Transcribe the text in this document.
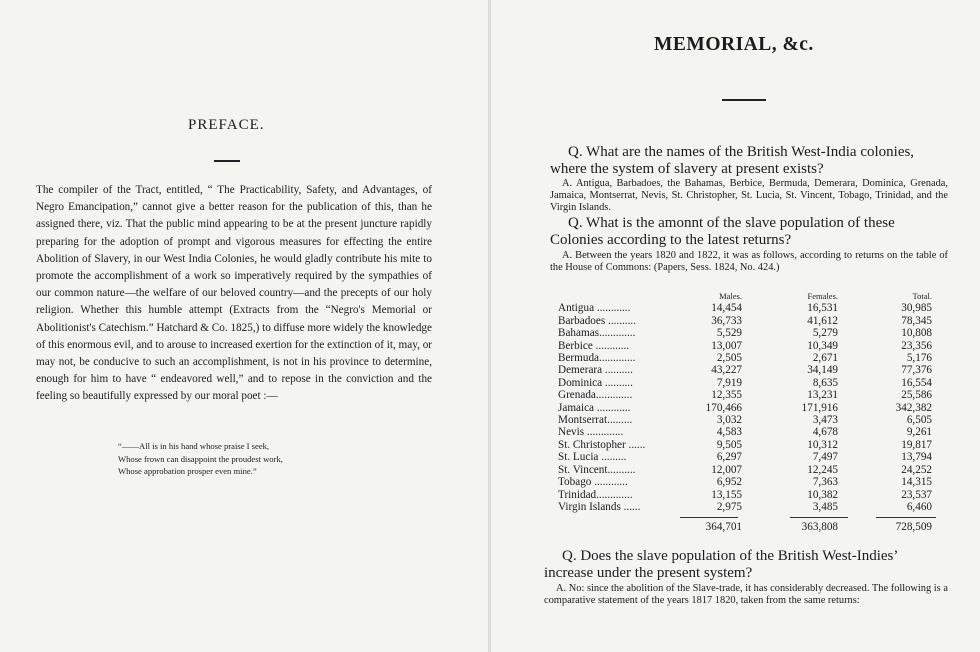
PREFACE.
The compiler of the Tract, entitled, “ The Practicability, Safety, and Advantages, of Negro Emancipation,” cannot give a better reason for the publication of this, than he assigned there, viz. That the public mind appearing to be at the present juncture rapidly preparing for the adoption of prompt and vigorous measures for effecting the entire Abolition of Slavery, in our West India Colonies, he would gladly contribute his mite to promote the accomplishment of a work so imperatively required by the sympathies of our common nature—the welfare of our beloved country—and the precepts of our holy religion. Whether this humble attempt (Extracts from the “Negro's Memorial or Abolitionist's Catechism.” Hatchard & Co. 1825,) to diffuse more widely the knowledge of this enormous evil, and to arouse to increased exertion for the extinction of it, may, or may not, be conducive to such an accomplishment, is not in his province to determine, enough for him to have “ endeavored well,” and to repose in the conviction and the feeling so beautifully expressed by our moral poet :—
“——All is in his hand whose praise I seek,
Whose frown can disappoint the proudest work,
Whose approbation prosper even mine.”
MEMORIAL, &c.
Q. What are the names of the British West-India colonies, where the system of slavery at present exists?
A. Antigua, Barbadoes, the Bahamas, Berbice, Bermuda, Demerara, Dominica, Grenada, Jamaica, Montserrat, Nevis, St. Christopher, St. Lucia, St. Vincent, Tobago, Trinidad, and the Virgin Islands.
Q. What is the amonnt of the slave population of these Colonies according to the latest returns?
A. Between the years 1820 and 1822, it was as follows, according to returns on the table of the House of Commons: (Papers, Sess. 1824, No. 424.)
	Males.	Females.	Total.
Antigua ............	14,454	16,531	30,985
Barbadoes ..........	36,733	41,612	78,345
Bahamas.............	5,529	5,279	10,808
Berbice ............	13,007	10,349	23,356
Bermuda.............	2,505	2,671	5,176
Demerara ..........	43,227	34,149	77,376
Dominica ..........	7,919	8,635	16,554
Grenada.............	12,355	13,231	25,586
Jamaica ............	170,466	171,916	342,382
Montserrat.........	3,032	3,473	6,505
Nevis .............	4,583	4,678	9,261
St. Christopher ......	9,505	10,312	19,817
St. Lucia .........	6,297	7,497	13,794
St. Vincent..........	12,007	12,245	24,252
Tobago ............	6,952	7,363	14,315
Trinidad.............	13,155	10,382	23,537
Virgin Islands ......	2,975	3,485	6,460
	364,701	363,808	728,509
Q. Does the slave population of the British West-Indies’ increase under the present system?
A. No: since the abolition of the Slave-trade, it has considerably decreased. The following is a comparative statement of the years 1817 1820, taken from the same returns:
